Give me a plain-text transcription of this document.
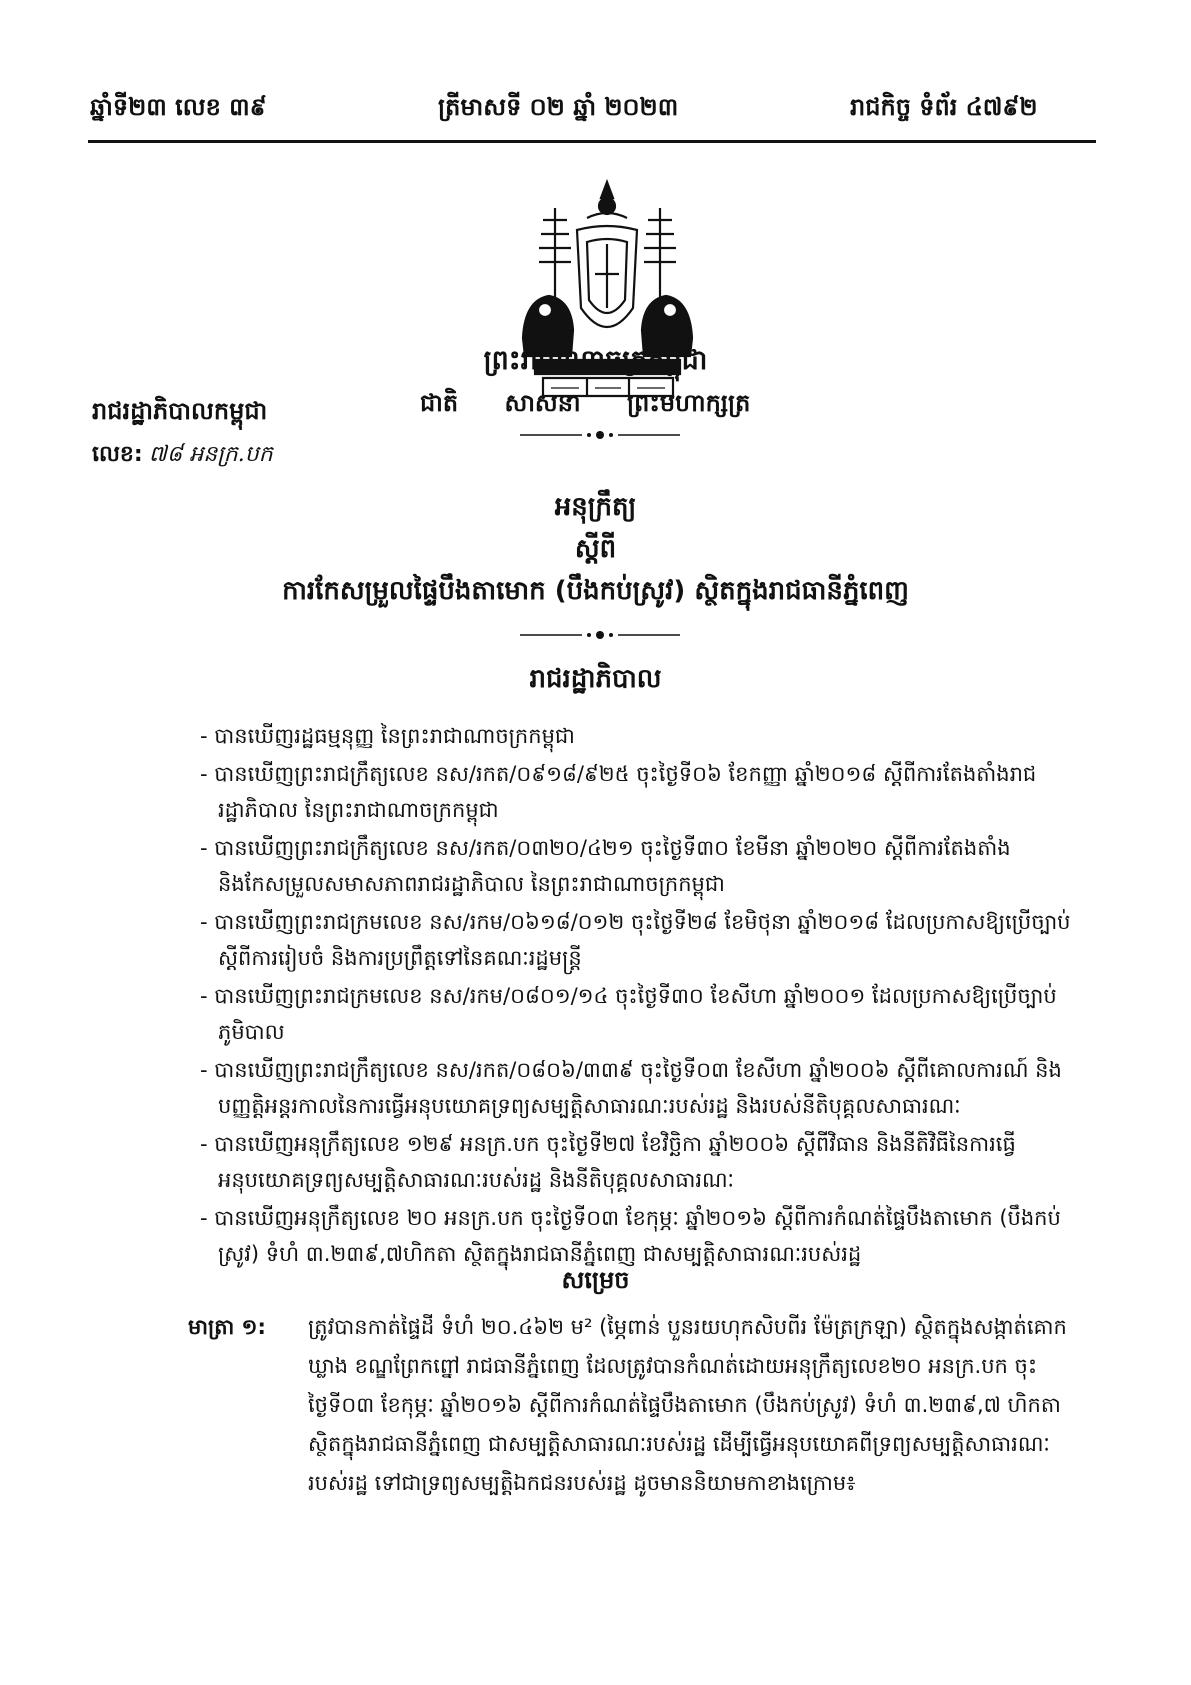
ឆ្នាំទី២៣ លេខ ៣៩	ត្រីមាសទី ០២ ឆ្នាំ ២០២៣	រាជកិច្ច ទំព័រ ៤៧៩២
ព្រះរាជាណាចក្រកម្ពុជា
រាជរដ្ឋាភិបាលកម្ពុជា	ជាតិ សាសនា ព្រះមហាក្សត្រ
លេខ: ៧៨ អនក្រ.បក
អនុក្រឹត្យ
ស្តីពី
ការកែសម្រួលផ្ទៃបឹងតាមោក (បឹងកប់ស្រូវ) ស្ថិតក្នុងរាជធានីភ្នំពេញ
រាជរដ្ឋាភិបាល
- បានឃើញរដ្ឋធម្មនុញ្ញ នៃព្រះរាជាណាចក្រកម្ពុជា
- បានឃើញព្រះរាជក្រឹត្យលេខ នស/រកត/០៩១៨/៩២៥ ចុះថ្ងៃទី០៦ ខែកញ្ញា ឆ្នាំ២០១៨ ស្តីពីការតែងតាំងរាជរដ្ឋាភិបាល នៃព្រះរាជាណាចក្រកម្ពុជា
- បានឃើញព្រះរាជក្រឹត្យលេខ នស/រកត/០៣២០/៤២១ ចុះថ្ងៃទី៣០ ខែមីនា ឆ្នាំ២០២០ ស្តីពីការតែងតាំង និងកែសម្រួលសមាសភាពរាជរដ្ឋាភិបាល នៃព្រះរាជាណាចក្រកម្ពុជា
- បានឃើញព្រះរាជក្រមលេខ នស/រកម/០៦១៨/០១២ ចុះថ្ងៃទី២៨ ខែមិថុនា ឆ្នាំ២០១៨ ដែលប្រកាសឱ្យប្រើច្បាប់ស្តីពីការរៀបចំ និងការប្រព្រឹត្តទៅនៃគណៈរដ្ឋមន្ត្រី
- បានឃើញព្រះរាជក្រមលេខ នស/រកម/០៨០១/១៤ ចុះថ្ងៃទី៣០ ខែសីហា ឆ្នាំ២០០១ ដែលប្រកាសឱ្យប្រើច្បាប់ភូមិបាល
- បានឃើញព្រះរាជក្រឹត្យលេខ នស/រកត/០៨០៦/៣៣៩ ចុះថ្ងៃទី០៣ ខែសីហា ឆ្នាំ២០០៦ ស្តីពីគោលការណ៍ និងបញ្ញត្តិអន្តរកាលនៃការធ្វើអនុបយោគទ្រព្យសម្បត្តិសាធារណៈរបស់រដ្ឋ និងរបស់នីតិបុគ្គលសាធារណៈ
- បានឃើញអនុក្រឹត្យលេខ ១២៩ អនក្រ.បក ចុះថ្ងៃទី២៧ ខែវិច្ឆិកា ឆ្នាំ២០០៦ ស្តីពីវិធាន និងនីតិវិធីនៃការធ្វើអនុបយោគទ្រព្យសម្បត្តិសាធារណៈរបស់រដ្ឋ និងនីតិបុគ្គលសាធារណៈ
- បានឃើញអនុក្រឹត្យលេខ ២០ អនក្រ.បក ចុះថ្ងៃទី០៣ ខែកុម្ភៈ ឆ្នាំ២០១៦ ស្តីពីការកំណត់ផ្ទៃបឹងតាមោក (បឹងកប់ស្រូវ) ទំហំ ៣.២៣៩,៧ហិកតា ស្ថិតក្នុងរាជធានីភ្នំពេញ ជាសម្បត្តិសាធារណៈរបស់រដ្ឋ
សម្រេច
មាត្រា ១: ត្រូវបានកាត់ផ្ទៃដី ទំហំ ២០.៤៦២ ម² (ម្ភៃពាន់ បួនរយហុកសិបពីរ ម៉ែត្រក្រឡា) ស្ថិតក្នុងសង្កាត់គោកឃ្លាង ខណ្ឌព្រែកព្នៅ រាជធានីភ្នំពេញ ដែលត្រូវបានកំណត់ដោយអនុក្រឹត្យលេខ២០ អនក្រ.បក ចុះថ្ងៃទី០៣ ខែកុម្ភៈ ឆ្នាំ២០១៦ ស្តីពីការកំណត់ផ្ទៃបឹងតាមោក (បឹងកប់ស្រូវ) ទំហំ ៣.២៣៩,៧ ហិកតា ស្ថិតក្នុងរាជធានីភ្នំពេញ ជាសម្បត្តិសាធារណៈរបស់រដ្ឋ ដើម្បីធ្វើអនុបយោគពីទ្រព្យសម្បត្តិសាធារណៈរបស់រដ្ឋ ទៅជាទ្រព្យសម្បត្តិឯកជនរបស់រដ្ឋ ដូចមាននិយាមកាខាងក្រោម៖
